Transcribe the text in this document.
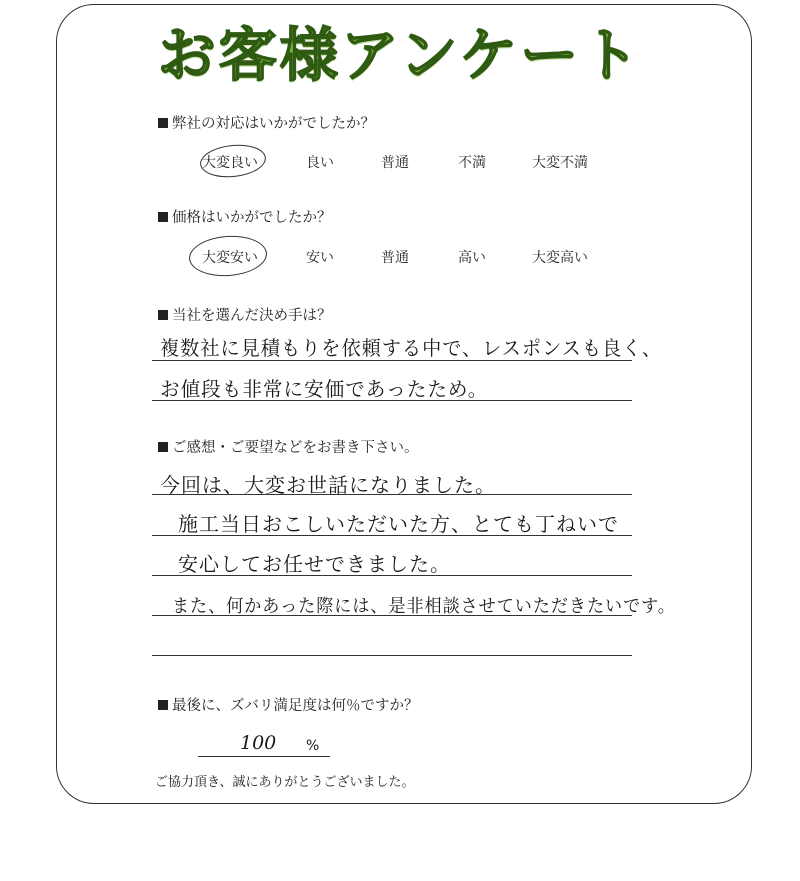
お客様アンケート
弊社の対応はいかがでしたか？
大変良い	良い	普通	不満	大変不満
価格はいかがでしたか？
大変安い	安い	普通	高い	大変高い
当社を選んだ決め手は？
複数社に見積もりを依頼する中で、レスポンスも良く、
お値段も非常に安価であったため。
ご感想・ご要望などをお書き下さい。
今回は、大変お世話になりました。
施工当日おこしいただいた方、とても丁ねいで
安心してお任せできました。
また、何かあった際には、是非相談させていただきたいです。
最後に、ズバリ満足度は何％ですか？
100 %
ご協力頂き、誠にありがとうございました。
